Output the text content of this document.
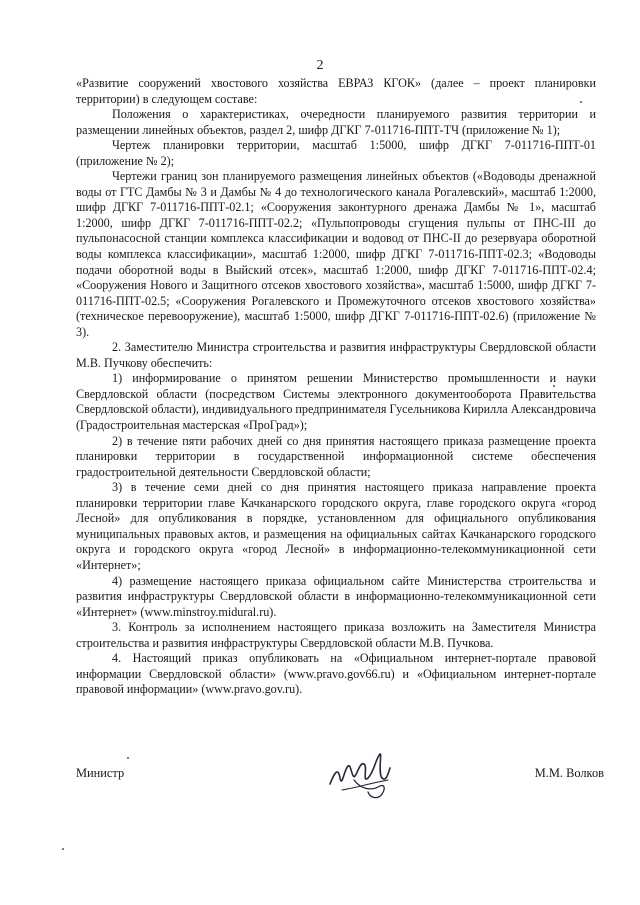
2

«Развитие сооружений хвостового хозяйства ЕВРАЗ КГОК» (далее – проект планировки территории) в следующем составе:

Положения о характеристиках, очередности планируемого развития территории и размещении линейных объектов, раздел 2, шифр ДГКГ 7-011716-ППТ-ТЧ (приложение № 1);

Чертеж планировки территории, масштаб 1:5000, шифр ДГКГ 7-011716-ППТ-01 (приложение № 2);

Чертежи границ зон планируемого размещения линейных объектов («Водоводы дренажной воды от ГТС Дамбы № 3 и Дамбы № 4 до технологического канала Рогалевский», масштаб 1:2000, шифр ДГКГ 7-011716-ППТ-02.1; «Сооружения законтурного дренажа Дамбы № 1», масштаб 1:2000, шифр ДГКГ 7-011716-ППТ-02.2; «Пульпопроводы сгущения пульпы от ПНС-III до пульпонасосной станции комплекса классификации и водовод от ПНС-II до резервуара оборотной воды комплекса классификации», масштаб 1:2000, шифр ДГКГ 7-011716-ППТ-02.3; «Водоводы подачи оборотной воды в Выйский отсек», масштаб 1:2000, шифр ДГКГ 7-011716-ППТ-02.4; «Сооружения Нового и Защитного отсеков хвостового хозяйства», масштаб 1:5000, шифр ДГКГ 7-011716-ППТ-02.5; «Сооружения Рогалевского и Промежуточного отсеков хвостового хозяйства» (техническое перевооружение), масштаб 1:5000, шифр ДГКГ 7-011716-ППТ-02.6) (приложение № 3).

2. Заместителю Министра строительства и развития инфраструктуры Свердловской области М.В. Пучкову обеспечить:

1) информирование о принятом решении Министерство промышленности и науки Свердловской области (посредством Системы электронного документооборота Правительства Свердловской области), индивидуального предпринимателя Гусельникова Кирилла Александровича (Градостроительная мастерская «ПроГрад»);

2) в течение пяти рабочих дней со дня принятия настоящего приказа размещение проекта планировки территории в государственной информационной системе обеспечения градостроительной деятельности Свердловской области;

3) в течение семи дней со дня принятия настоящего приказа направление проекта планировки территории главе Качканарского городского округа, главе городского округа «город Лесной» для опубликования в порядке, установленном для официального опубликования муниципальных правовых актов, и размещения на официальных сайтах Качканарского городского округа и городского округа «город Лесной» в информационно-телекоммуникационной сети «Интернет»;

4) размещение настоящего приказа официальном сайте Министерства строительства и развития инфраструктуры Свердловской области в информационно-телекоммуникационной сети «Интернет» (www.minstroy.midural.ru).

3. Контроль за исполнением настоящего приказа возложить на Заместителя Министра строительства и развития инфраструктуры Свердловской области М.В. Пучкова.

4. Настоящий приказ опубликовать на «Официальном интернет-портале правовой информации Свердловской области» (www.pravo.gov66.ru) и «Официальном интернет-портале правовой информации» (www.pravo.gov.ru).

Министр	М.М. Волков
